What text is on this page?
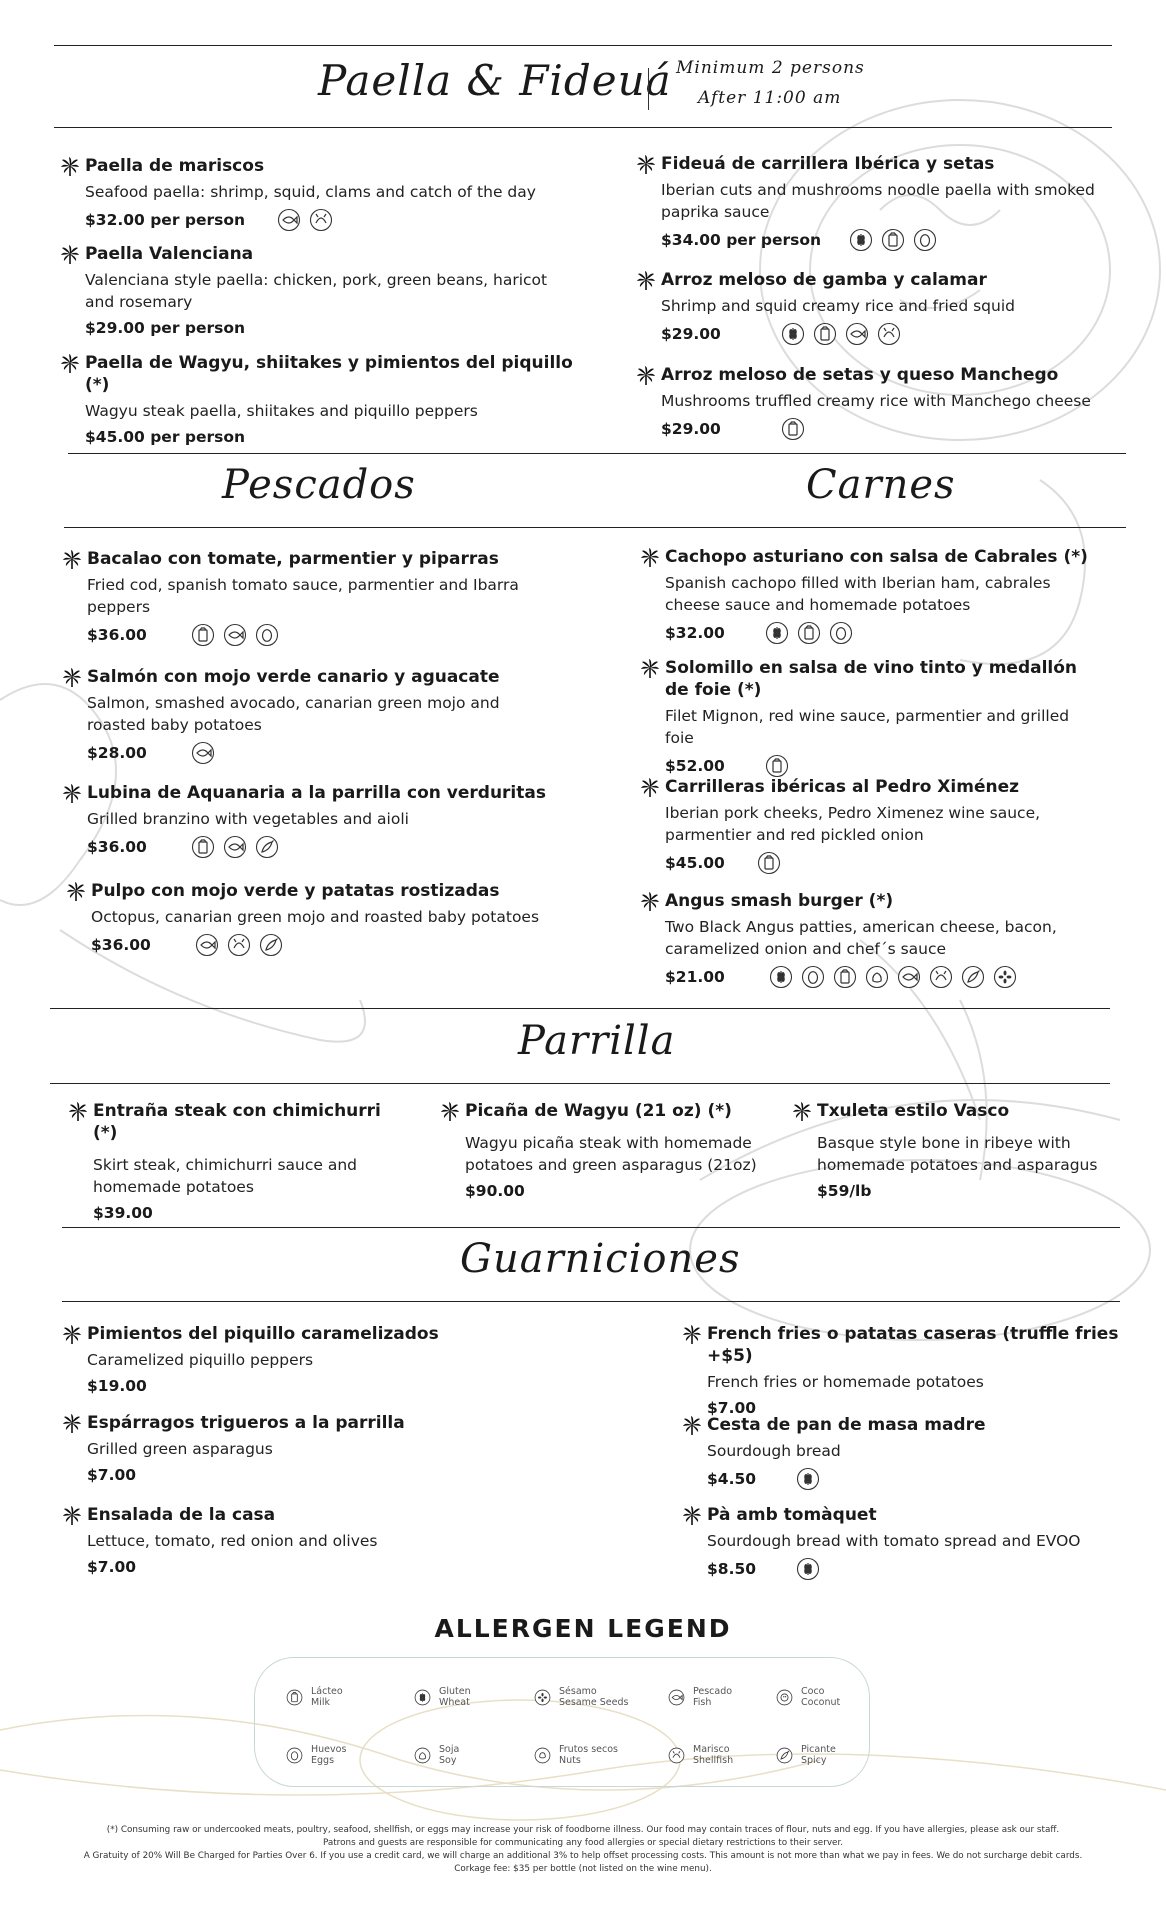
Paella & Fideuá Minimum 2 persons
After 11:00 am
Paella de mariscos
Seafood paella: shrimp, squid, clams and catch of the day
$32.00 per person
Paella Valenciana
Valenciana style paella: chicken, pork, green beans, haricot and rosemary
$29.00 per person
Paella de Wagyu, shiitakes y pimientos del piquillo (*)
Wagyu steak paella, shiitakes and piquillo peppers
$45.00 per person
Fideuá de carrillera Ibérica y setas
Iberian cuts and mushrooms noodle paella with smoked paprika sauce
$34.00 per person
Arroz meloso de gamba y calamar
Shrimp and squid creamy rice and fried squid
$29.00
Arroz meloso de setas y queso Manchego
Mushrooms truffled creamy rice with Manchego cheese
$29.00
Pescados	Carnes
Bacalao con tomate, parmentier y piparras
Fried cod, spanish tomato sauce, parmentier and Ibarra peppers
$36.00
Salmón con mojo verde canario y aguacate
Salmon, smashed avocado, canarian green mojo and roasted baby potatoes
$28.00
Lubina de Aquanaria a la parrilla con verduritas
Grilled branzino with vegetables and aioli
$36.00
Pulpo con mojo verde y patatas rostizadas
Octopus, canarian green mojo and roasted baby potatoes
$36.00
Cachopo asturiano con salsa de Cabrales (*)
Spanish cachopo filled with Iberian ham, cabrales cheese sauce and homemade potatoes
$32.00
Solomillo en salsa de vino tinto y medallón de foie (*)
Filet Mignon, red wine sauce, parmentier and grilled foie
$52.00
Carrilleras ibéricas al Pedro Ximénez
Iberian pork cheeks, Pedro Ximenez wine sauce, parmentier and red pickled onion
$45.00
Angus smash burger (*)
Two Black Angus patties, american cheese, bacon, caramelized onion and chef´s sauce
$21.00
Parrilla
Entraña steak con chimichurri (*)
Skirt steak, chimichurri sauce and homemade potatoes
$39.00
Picaña de Wagyu (21 oz) (*)
Wagyu picaña steak with homemade potatoes and green asparagus (21oz)
$90.00
Txuleta estilo Vasco
Basque style bone in ribeye with homemade potatoes and asparagus
$59/lb
Guarniciones
Pimientos del piquillo caramelizados
Caramelized piquillo peppers
$19.00
Espárragos trigueros a la parrilla
Grilled green asparagus
$7.00
Ensalada de la casa
Lettuce, tomato, red onion and olives
$7.00
French fries o patatas caseras (truffle fries +$5)
French fries or homemade potatoes
$7.00
Cesta de pan de masa madre
Sourdough bread
$4.50
Pà amb tomàquet
Sourdough bread with tomato spread and EVOO
$8.50
ALLERGEN LEGEND
Lácteo
Milk
Gluten
Wheat
Sésamo
Sesame Seeds
Pescado
Fish
Coco
Coconut
Huevos
Eggs
Soja
Soy
Frutos secos
Nuts
Marisco
Shellfish
Picante
Spicy
(*) Consuming raw or undercooked meats, poultry, seafood, shellfish, or eggs may increase your risk of foodborne illness. Our food may contain traces of flour, nuts and egg. If you have allergies, please ask our staff.
Patrons and guests are responsible for communicating any food allergies or special dietary restrictions to their server.
A Gratuity of 20% Will Be Charged for Parties Over 6. If you use a credit card, we will charge an additional 3% to help offset processing costs. This amount is not more than what we pay in fees. We do not surcharge debit cards.
Corkage fee: $35 per bottle (not listed on the wine menu).
